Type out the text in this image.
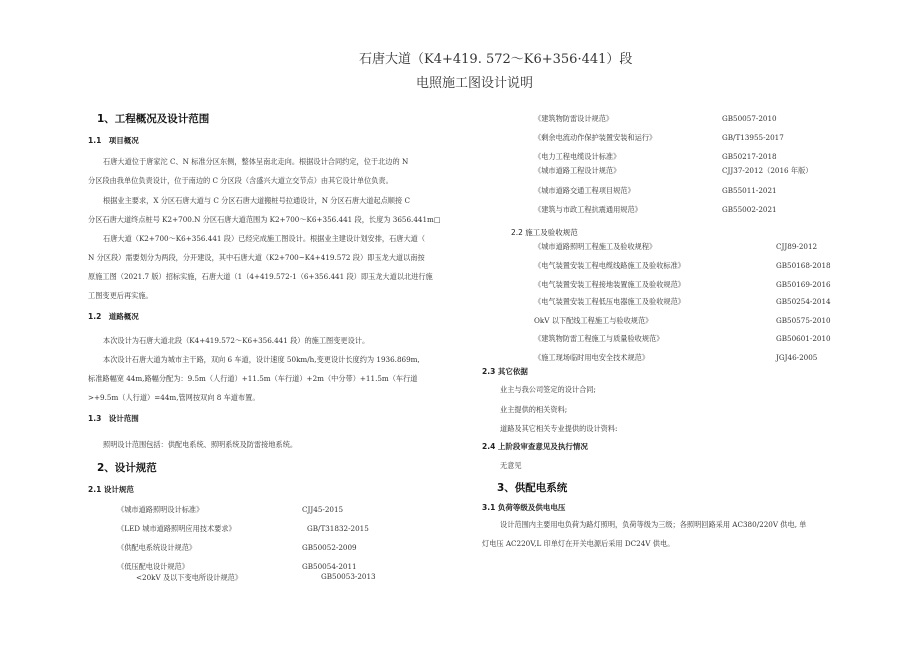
石唐大道（K4+419. 572～K6+356·441）段
电照施工图设计说明
1、工程概况及设计范围
1.1　项目概况
石唐大道位于唐家沱 C、N 标准分区东侧，整体呈南北走向。根据设计合同约定，位于北边的 N
分区段由我单位负责设计，位于南边的 C 分区段（含盛兴大道立交节点）由其它设计单位负责。
根据业主要求，X 分区石唐大道与 C 分区石唐大道搬桩号拉通设计，N 分区石唐大道起点顺接 C
分区石唐大道终点桩号 K2+700.N 分区石唐大道范围为 K2+700～K6+356.441 段，长度为 3656.441m□
石唐大道（K2+700～K6+356.441 段）已经完成施工图设计。根据业主建设计划安排，石唐大道（
N 分区段）需要划分为两段，分开建设，其中石唐大道（K2+700~K4+419.572 段）即玉龙大道以南按
原施工图（2021.7 版）招标实施，石唐大道（1（4+419.572-1（6+356.441 段）即玉龙大道以北进行施
工图变更后再实施。
1.2　道路概况
本次设计为石唐大道北段（K4+419.572～K6+356.441 段）的施工图变更设计。
本次设计石唐大道为城市主干路，双向 6 车道，设计速度 50km/h,变更设计长度约为 1936.869m,
标准路幅宽 44m,路幅分配为：9.5m（人行道）+11.5m（车行道）+2m（中分带）+11.5m（车行道
>+9.5m（人行道）=44m,管网按双向 8 车道布置。
1.3　设计范围
照明设计范围包括：供配电系统、照明系统及防雷接地系统。
2、设计规范
2.1 设计规范
《城市道路照明设计标准》	CJJ45-2015
《LED 城市道路照明应用技术要求》	GB/T31832-2015
《供配电系统设计规范》	GB50052-2009
《低压配电设计规范》	GB50054-2011
<20kV 及以下变电所设计规范》	GB50053-2013
《建筑物防雷设计规范》	GB50057-2010
《剩余电流动作保护装置安装和运行》	GB/T13955-2017
《电力工程电缆设计标准》	GB50217-2018
《城市道路工程设计规范》	CJJ37-2012（2016 年版）
《城市道路交通工程项目规范》	GB55011-2021
《建筑与市政工程抗震通用规范》	GB55002-2021
2.2 施工及验收规范
《城市道路照明工程施工及验收规程》	CJJ89-2012
《电气装置安装工程电缆线路施工及验收标准》	GB50168-2018
《电气装置安装工程接地装置施工及验收规范》	GB50169-2016
《电气装置安装工程低压电器施工及验收规范》	GB50254-2014
OkV 以下配线工程施工与验收规范》	GB50575-2010
《建筑物防雷工程施工与质量验收规范》	GB50601-2010
《施工现场临时用电安全技术规范》	JGJ46-2005
2.3 其它依据
业主与我公司签定的设计合同;
业主提供的相关资料;
道路及其它相关专业提供的设计资料:
2.4 上阶段审查意见及执行情况
无意见
3、供配电系统
3.1 负荷等级及供电电压
设计范围内主要用电负荷为路灯照明，负荷等级为三级；各照明回路采用 AC380/220V 供电, 单
灯电压 AC220V,L 印单灯在开关电源后采用 DC24V 供电。
